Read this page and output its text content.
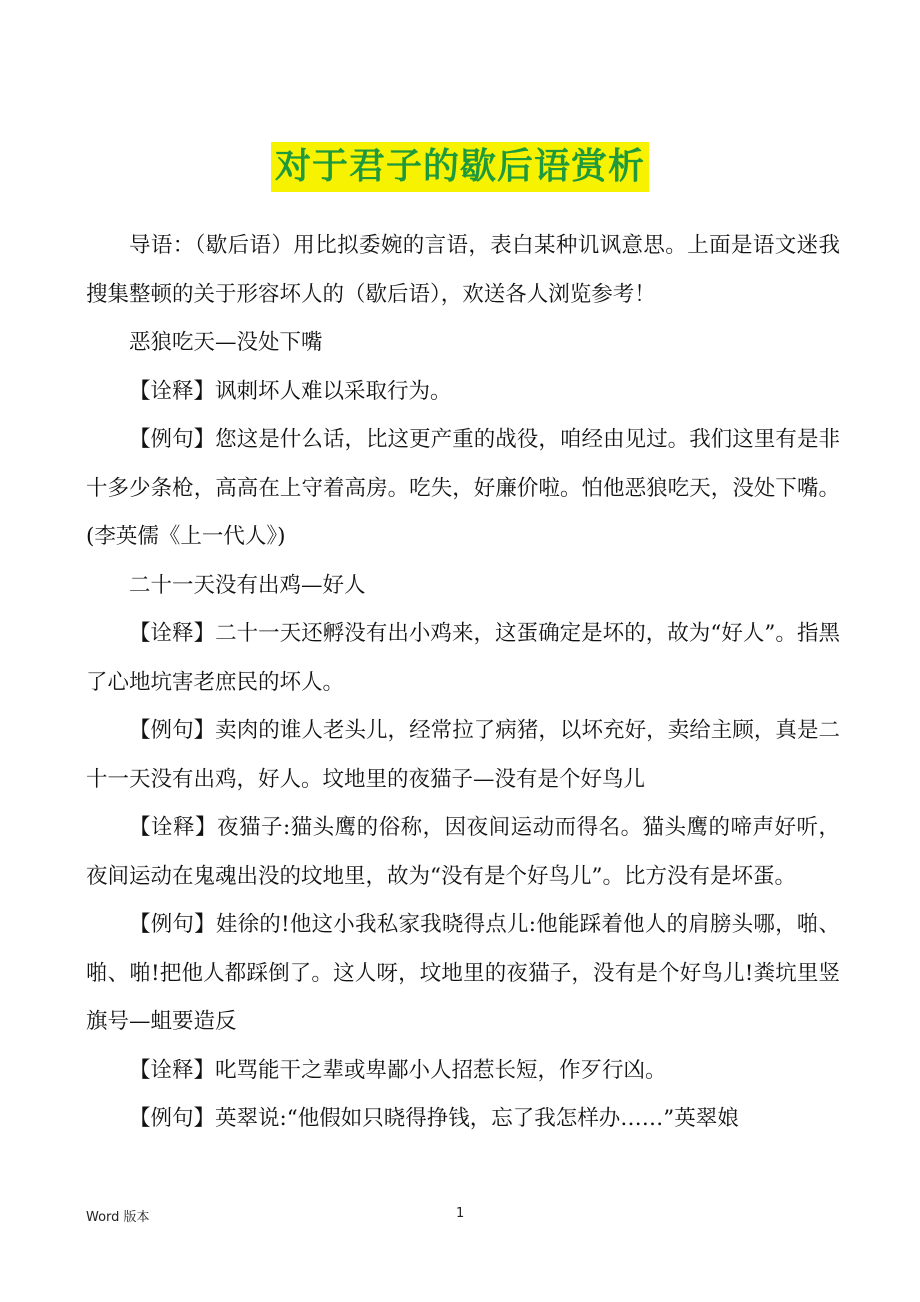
对于君子的歇后语赏析

导语：（歇后语）用比拟委婉的言语，表白某种讥讽意思。上面是语文迷我搜集整顿的关于形容坏人的（歇后语），欢送各人浏览参考！

恶狼吃天—没处下嘴

【诠释】讽刺坏人难以采取行为。

【例句】您这是什么话，比这更产重的战役，咱经由见过。我们这里有是非十多少条枪，高高在上守着高房。吃失，好廉价啦。怕他恶狼吃天，没处下嘴。(李英儒《上一代人》)

二十一天没有出鸡—好人

【诠释】二十一天还孵没有出小鸡来，这蛋确定是坏的，故为“好人”。指黑了心地坑害老庶民的坏人。

【例句】卖肉的谁人老头儿，经常拉了病猪，以坏充好，卖给主顾，真是二十一天没有出鸡，好人。坟地里的夜猫子—没有是个好鸟儿

【诠释】夜猫子:猫头鹰的俗称，因夜间运动而得名。猫头鹰的啼声好听，夜间运动在鬼魂出没的坟地里，故为“没有是个好鸟儿”。比方没有是坏蛋。

【例句】娃徐的!他这小我私家我晓得点儿:他能踩着他人的肩膀头哪，啪、啪、啪!把他人都踩倒了。这人呀，坟地里的夜猫子，没有是个好鸟儿!粪坑里竖旗号—蛆要造反

【诠释】叱骂能干之辈或卑鄙小人招惹长短，作歹行凶。

【例句】英翠说:“他假如只晓得挣钱，忘了我怎样办……”英翠娘

Word 版本	1
